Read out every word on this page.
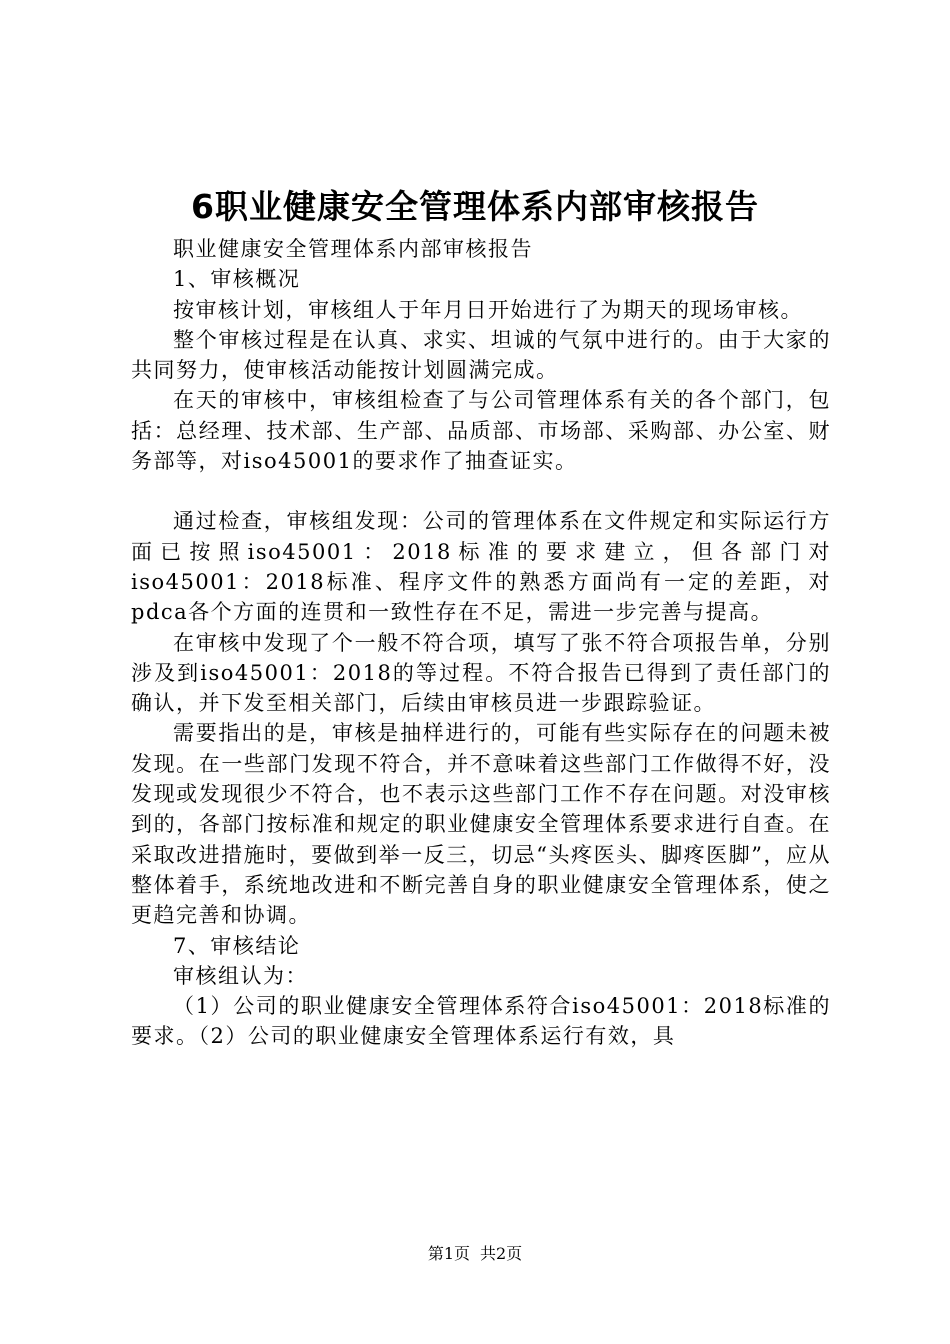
6职业健康安全管理体系内部审核报告

职业健康安全管理体系内部审核报告

1、审核概况

按审核计划，审核组人于年月日开始进行了为期天的现场审核。

整个审核过程是在认真、求实、坦诚的气氛中进行的。由于大家的共同努力，使审核活动能按计划圆满完成。

在天的审核中，审核组检查了与公司管理体系有关的各个部门，包括：总经理、技术部、生产部、品质部、市场部、采购部、办公室、财务部等，对iso45001的要求作了抽查证实。

通过检查，审核组发现：公司的管理体系在文件规定和实际运行方面已按照iso45001：2018标准的要求建立，但各部门对iso45001：2018标准、程序文件的熟悉方面尚有一定的差距，对pdca各个方面的连贯和一致性存在不足，需进一步完善与提高。

在审核中发现了个一般不符合项，填写了张不符合项报告单，分别涉及到iso45001：2018的等过程。不符合报告已得到了责任部门的确认，并下发至相关部门，后续由审核员进一步跟踪验证。

需要指出的是，审核是抽样进行的，可能有些实际存在的问题未被发现。在一些部门发现不符合，并不意味着这些部门工作做得不好，没发现或发现很少不符合，也不表示这些部门工作不存在问题。对没审核到的，各部门按标准和规定的职业健康安全管理体系要求进行自查。在采取改进措施时，要做到举一反三，切忌“头疼医头、脚疼医脚”，应从整体着手，系统地改进和不断完善自身的职业健康安全管理体系，使之更趋完善和协调。

7、审核结论

审核组认为：

（1）公司的职业健康安全管理体系符合iso45001：2018标准的要求。（2）公司的职业健康安全管理体系运行有效，具

第1页 共2页
